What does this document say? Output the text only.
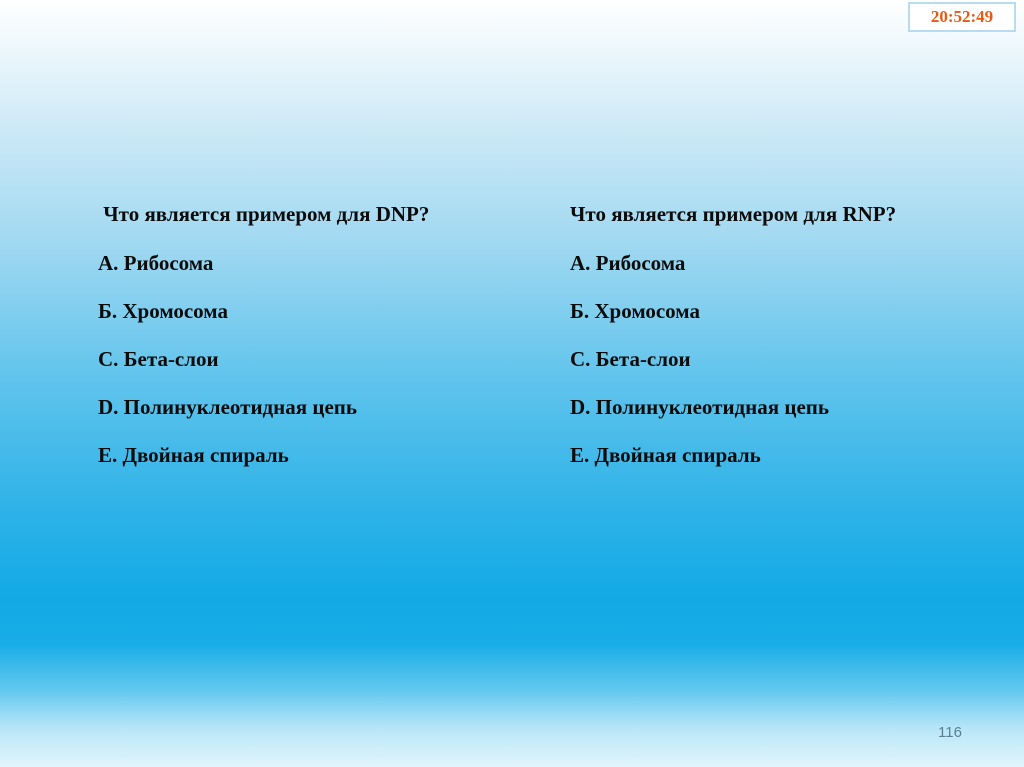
20:52:49
Что является примером для DNP?
А. Рибосома
Б. Хромосома
С. Бета-слои
D. Полинуклеотидная цепь
Е. Двойная спираль
Что является примером для RNP?
А. Рибосома
Б. Хромосома
С. Бета-слои
D. Полинуклеотидная цепь
Е. Двойная спираль
116
